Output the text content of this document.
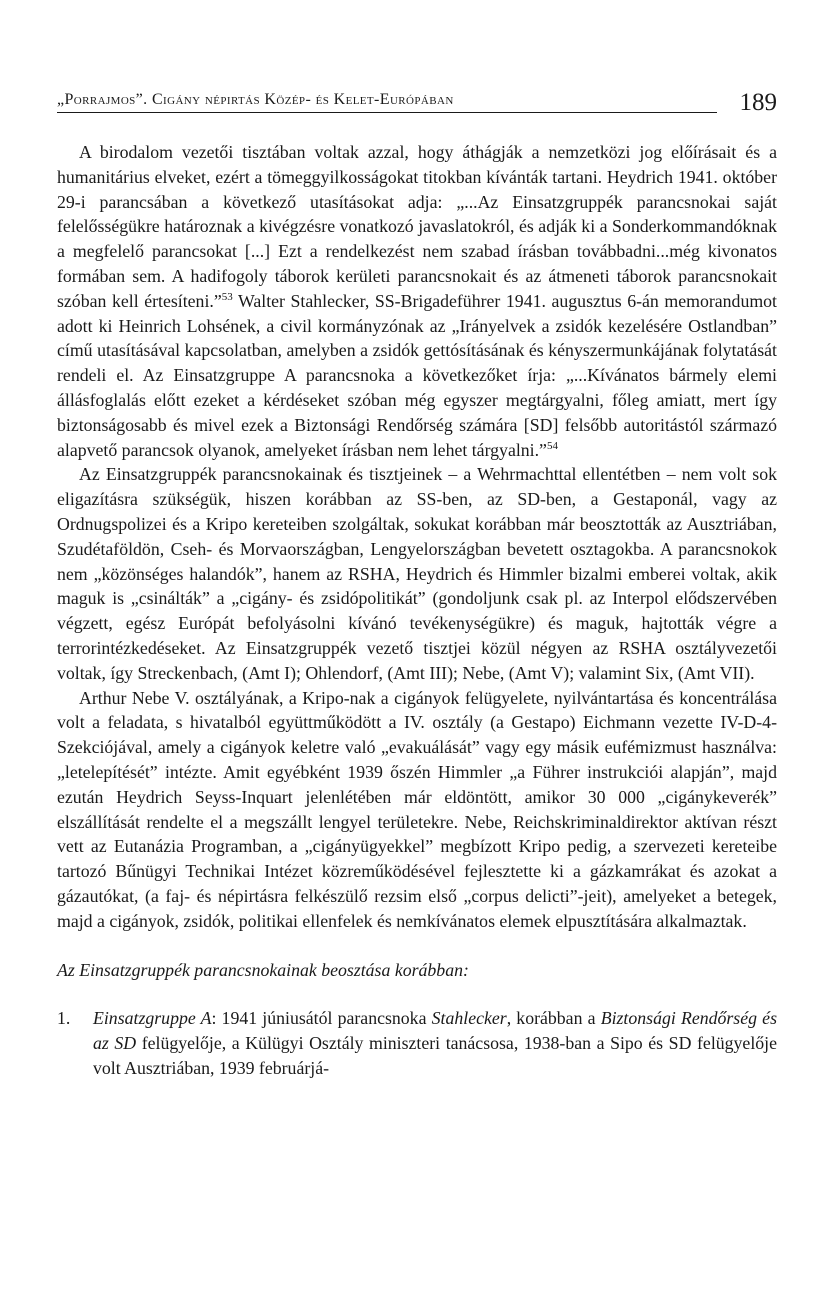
„Porrajmos”. Cigány népirtás Közép- és Kelet-Európában	189

A birodalom vezetői tisztában voltak azzal, hogy áthágják a nemzetközi jog előírásait és a humanitárius elveket, ezért a tömeggyilkosságokat titokban kívánták tartani. Heydrich 1941. október 29-i parancsában a következő utasításokat adja: „...Az Einsatzgruppék parancsnokai saját felelősségükre határoznak a kivégzésre vonatkozó javaslatokról, és adják ki a Sonderkommandóknak a megfelelő parancsokat [...] Ezt a rendelkezést nem szabad írásban továbbadni...még kivonatos formában sem. A hadifogoly táborok kerületi parancsnokait és az átmeneti táborok parancsnokait szóban kell értesíteni.”$^{53}$ Walter Stahlecker, SS-Brigadeführer 1941. augusztus 6-án memorandumot adott ki Heinrich Lohsének, a civil kormányzónak az „Irányelvek a zsidók kezelésére Ostlandban” című utasításával kapcsolatban, amelyben a zsidók gettósításának és kényszermunkájának folytatását rendeli el. Az Einsatzgruppe A parancsnoka a következőket írja: „...Kívánatos bármely elemi állásfoglalás előtt ezeket a kérdéseket szóban még egyszer megtárgyalni, főleg amiatt, mert így biztonságosabb és mivel ezek a Biztonsági Rendőrség számára [SD] felsőbb autoritástól származó alapvető parancsok olyanok, amelyeket írásban nem lehet tárgyalni.”$^{54}$

Az Einsatzgruppék parancsnokainak és tisztjeinek – a Wehrmachttal ellentétben – nem volt sok eligazításra szükségük, hiszen korábban az SS-ben, az SD-ben, a Gestaponál, vagy az Ordnugspolizei és a Kripo kereteiben szolgáltak, sokukat korábban már beosztották az Ausztriában, Szudétaföldön, Cseh- és Morvaországban, Lengyelországban bevetett osztagokba. A parancsnokok nem „közönséges halandók”, hanem az RSHA, Heydrich és Himmler bizalmi emberei voltak, akik maguk is „csinálták” a „cigány- és zsidópolitikát” (gondoljunk csak pl. az Interpol elődszervében végzett, egész Európát befolyásolni kívánó tevékenységükre) és maguk, hajtották végre a terrorintézkedéseket. Az Einsatzgruppék vezető tisztjei közül négyen az RSHA osztályvezetői voltak, így Streckenbach, (Amt I); Ohlendorf, (Amt III); Nebe, (Amt V); valamint Six, (Amt VII).

Arthur Nebe V. osztályának, a Kripo-nak a cigányok felügyelete, nyilvántartása és koncentrálása volt a feladata, s hivatalból együttműködött a IV. osztály (a Gestapo) Eichmann vezette IV-D-4-Szekciójával, amely a cigányok keletre való „evakuálását” vagy egy másik eufémizmust használva: „letelepítését” intézte. Amit egyébként 1939 őszén Himmler „a Führer instrukciói alapján”, majd ezután Heydrich Seyss-Inquart jelenlétében már eldöntött, amikor 30 000 „cigánykeverék” elszállítását rendelte el a megszállt lengyel területekre. Nebe, Reichskriminaldirektor aktívan részt vett az Eutanázia Programban, a „cigányügyekkel” megbízott Kripo pedig, a szervezeti kereteibe tartozó Bűnügyi Technikai Intézet közreműködésével fejlesztette ki a gázkamrákat és azokat a gázautókat, (a faj- és népirtásra felkészülő rezsim első „corpus delicti”-jeit), amelyeket a betegek, majd a cigányok, zsidók, politikai ellenfelek és nemkívánatos elemek elpusztítására alkalmaztak.

Az Einsatzgruppék parancsnokainak beosztása korábban:

1.	Einsatzgruppe A: 1941 júniusától parancsnoka Stahlecker, korábban a Biztonsági Rendőrség és az SD felügyelője, a Külügyi Osztály miniszteri tanácsosa, 1938-ban a Sipo és SD felügyelője volt Ausztriában, 1939 februárjá-
